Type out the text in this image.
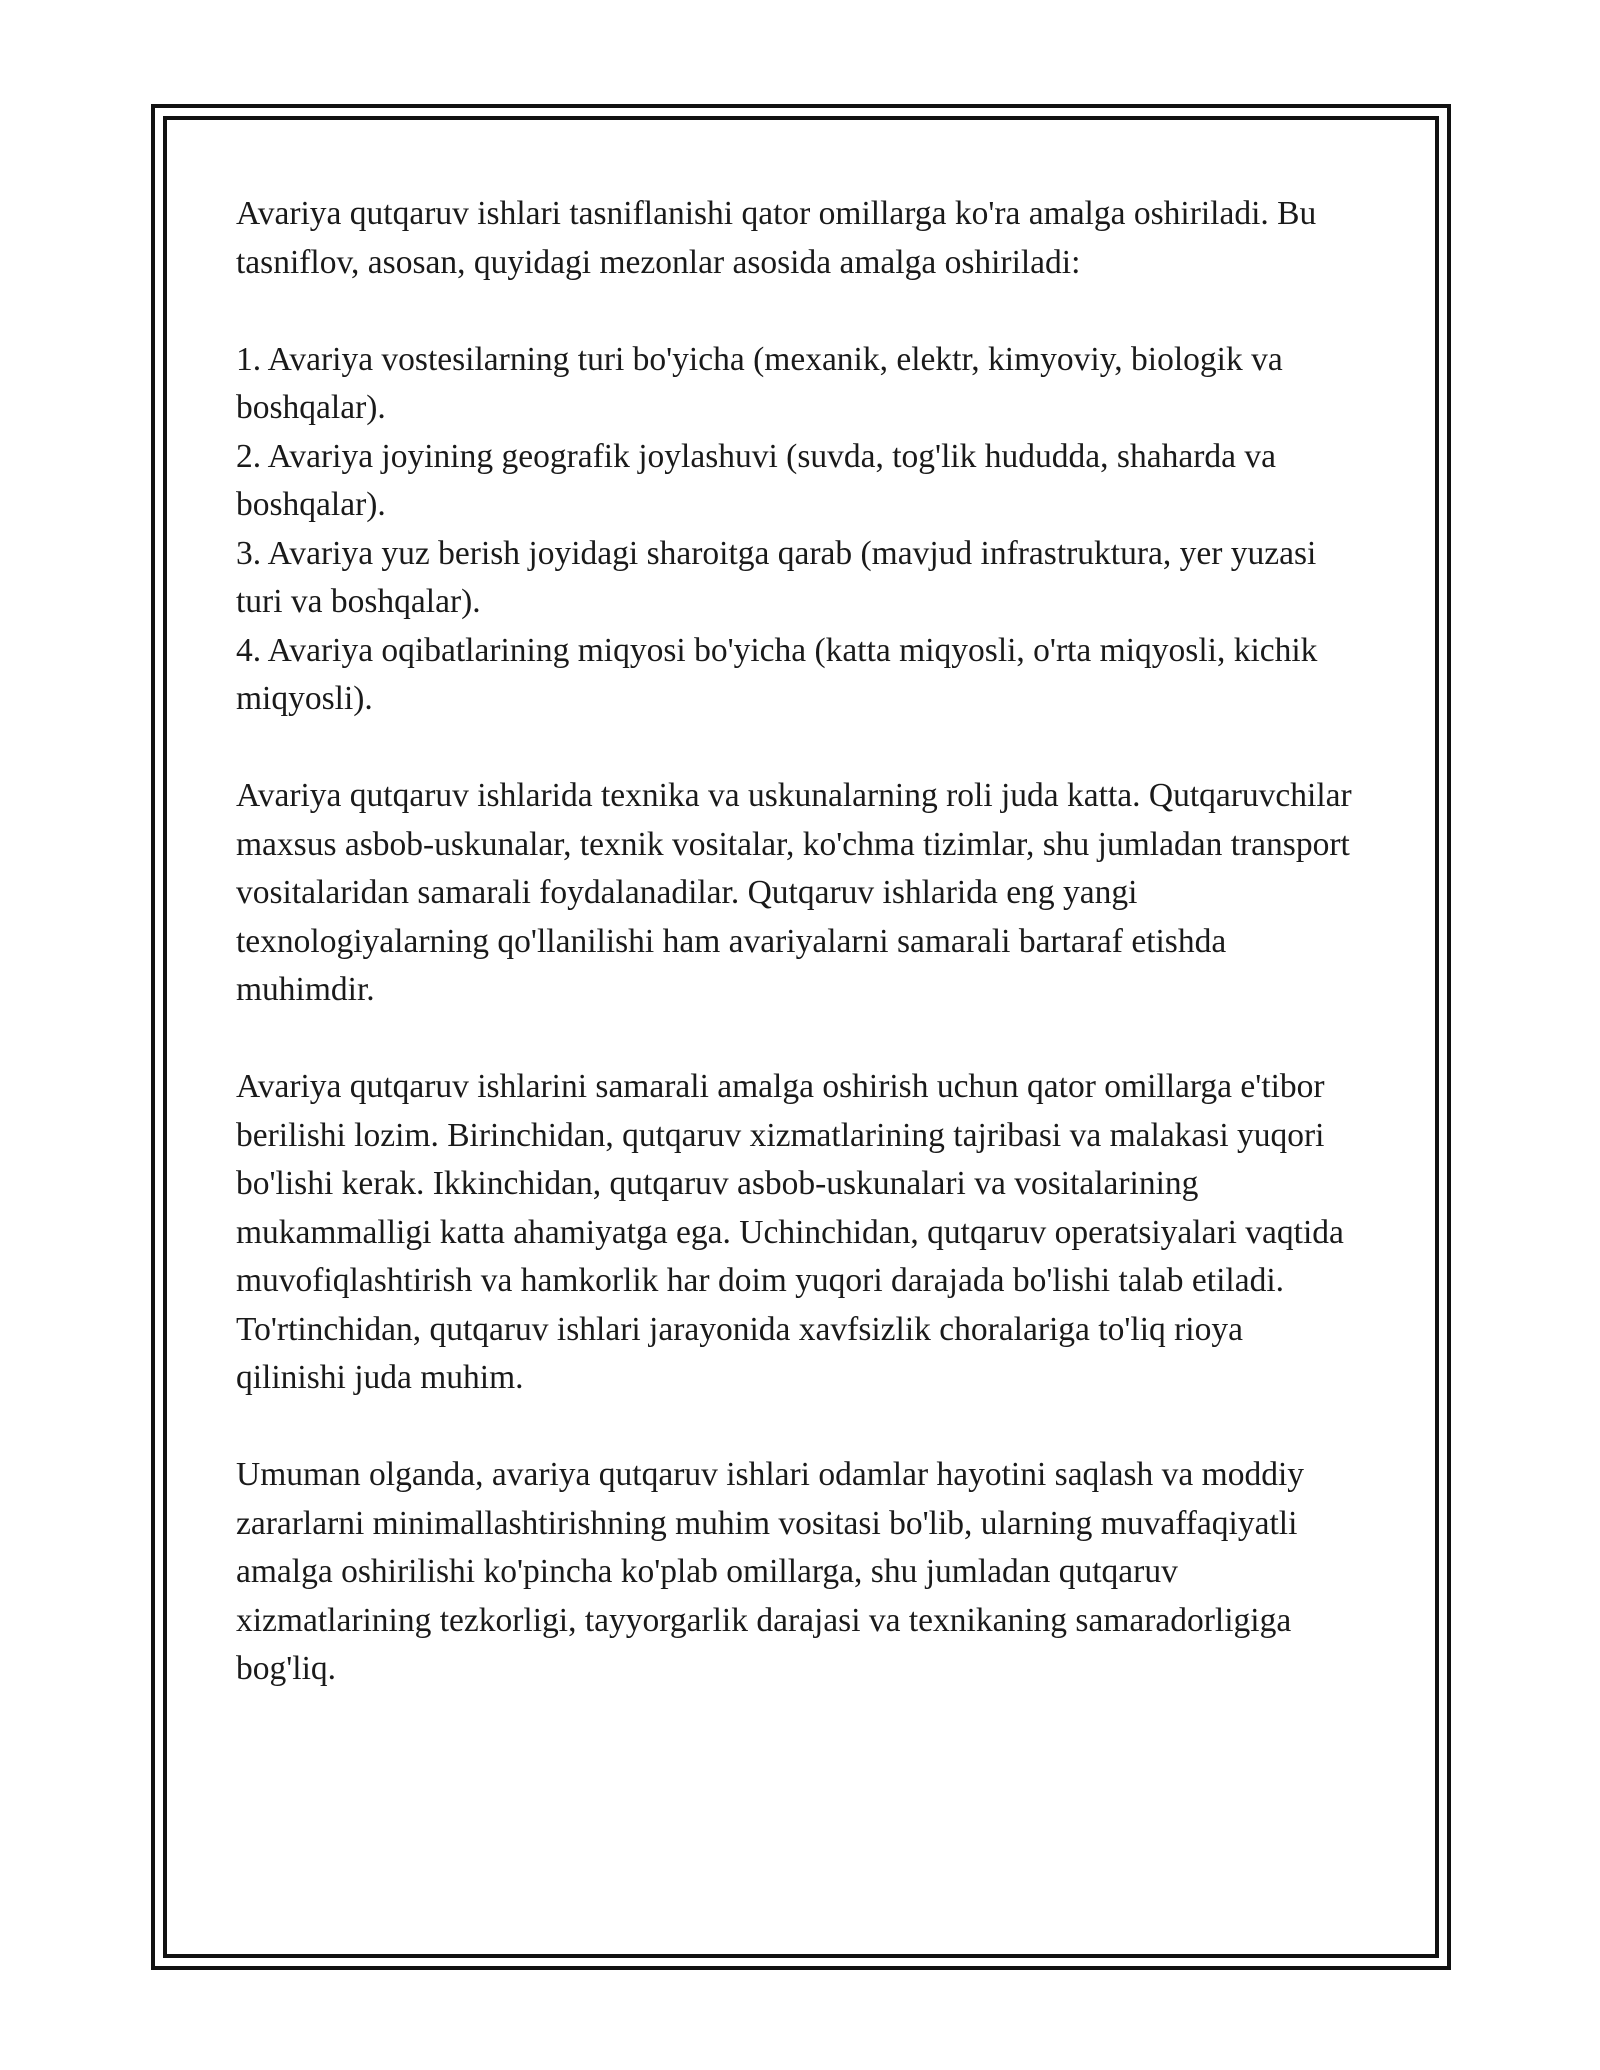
Avariya qutqaruv ishlari tasniflanishi qator omillarga ko'ra amalga oshiriladi. Bu tasniflov, asosan, quyidagi mezonlar asosida amalga oshiriladi:

1. Avariya vostesilarning turi bo'yicha (mexanik, elektr, kimyoviy, biologik va boshqalar).
2. Avariya joyining geografik joylashuvi (suvda, tog'lik hududda, shaharda va boshqalar).
3. Avariya yuz berish joyidagi sharoitga qarab (mavjud infrastruktura, yer yuzasi turi va boshqalar).
4. Avariya oqibatlarining miqyosi bo'yicha (katta miqyosli, o'rta miqyosli, kichik miqyosli).

Avariya qutqaruv ishlarida texnika va uskunalarning roli juda katta. Qutqaruvchilar maxsus asbob-uskunalar, texnik vositalar, ko'chma tizimlar, shu jumladan transport vositalaridan samarali foydalanadilar. Qutqaruv ishlarida eng yangi texnologiyalarning qo'llanilishi ham avariyalarni samarali bartaraf etishda muhimdir.

Avariya qutqaruv ishlarini samarali amalga oshirish uchun qator omillarga e'tibor berilishi lozim. Birinchidan, qutqaruv xizmatlarining tajribasi va malakasi yuqori bo'lishi kerak. Ikkinchidan, qutqaruv asbob-uskunalari va vositalarining mukammalligi katta ahamiyatga ega. Uchinchidan, qutqaruv operatsiyalari vaqtida muvofiqlashtirish va hamkorlik har doim yuqori darajada bo'lishi talab etiladi. To'rtinchidan, qutqaruv ishlari jarayonida xavfsizlik choralariga to'liq rioya qilinishi juda muhim.

Umuman olganda, avariya qutqaruv ishlari odamlar hayotini saqlash va moddiy zararlarni minimallashtirishning muhim vositasi bo'lib, ularning muvaffaqiyatli amalga oshirilishi ko'pincha ko'plab omillarga, shu jumladan qutqaruv xizmatlarining tezkorligi, tayyorgarlik darajasi va texnikaning samaradorligiga bog'liq.
